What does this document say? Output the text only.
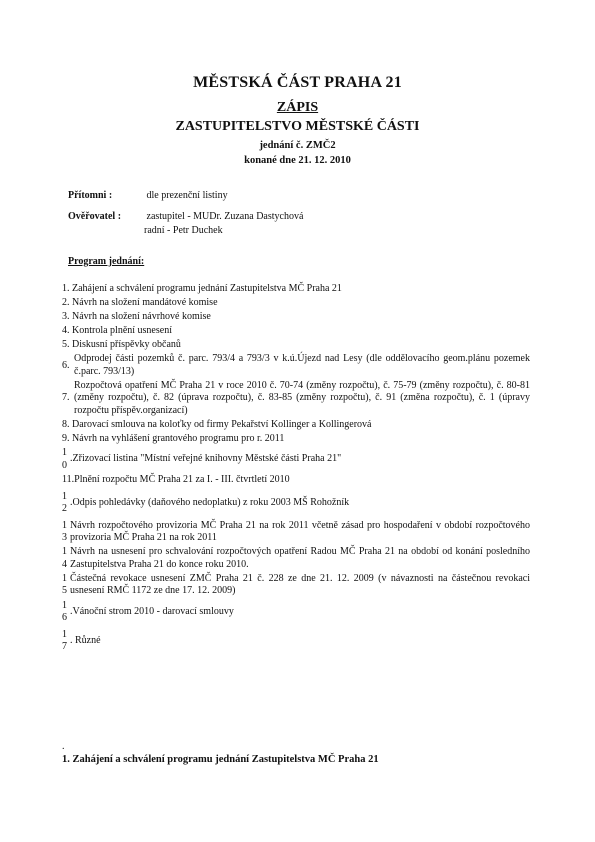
MĚSTSKÁ ČÁST PRAHA 21
ZÁPIS
ZASTUPITELSTVO MĚSTSKÉ ČÁSTI
jednání č. ZMČ2
konané dne 21. 12. 2010
Přítomni :	dle prezenční listiny
Ověřovatel :	zastupitel - MUDr. Zuzana Dastychová
radní - Petr Duchek
Program jednání:
1.
Zahájení a schválení programu jednání Zastupitelstva MČ Praha 21
2.
Návrh na složení mandátové komise
3.
Návrh na složení návrhové komise
4.
Kontrola plnění usnesení
5.
Diskusní příspěvky občanů
6.
Odprodej části pozemků č. parc. 793/4 a 793/3 v k.ú.Újezd nad Lesy (dle oddělovacího geom.plánu pozemek č.parc. 793/13)
7.
Rozpočtová opatření MČ Praha 21 v roce 2010 č. 70-74 (změny rozpočtu), č. 75-79 (změny rozpočtu), č. 80-81 (změny rozpočtu), č. 82 (úprava rozpočtu), č. 83-85 (změny rozpočtu), č. 91 (změna rozpočtu), č. 1 (úpravy rozpočtu příspěv.organizací)
8.
Darovací smlouva na koloťky od firmy Pekařství Kollinger a Kollingerová
9.
Návrh na vyhlášení grantového programu pro r. 2011
1
0
.Zřizovací listina "Místní veřejné knihovny Městské části Praha 21"
11. Plnění rozpočtu MČ Praha 21 za I. - III. čtvrtletí 2010
1
2
.Odpis pohledávky (daňového nedoplatku) z roku 2003 MŠ Rohožník
1
3
Návrh rozpočtového provizoria MČ Praha 21 na rok 2011 včetně zásad pro hospodaření v období rozpočtového provizoria MČ Praha 21 na rok 2011
1
4
Návrh na usnesení pro schvalování rozpočtových opatření Radou MČ Praha 21 na období od konání posledního Zastupitelstva Praha 21 do konce roku 2010.
1
5
Částečná revokace usnesení ZMČ Praha 21 č. 228 ze dne 21. 12. 2009 (v návaznosti na částečnou revokaci usnesení RMČ 1172 ze dne 17. 12. 2009)
1
6
.Vánoční strom 2010 - darovací smlouvy
1
7
. Různé
.
1. Zahájení a schválení programu jednání Zastupitelstva MČ Praha 21
